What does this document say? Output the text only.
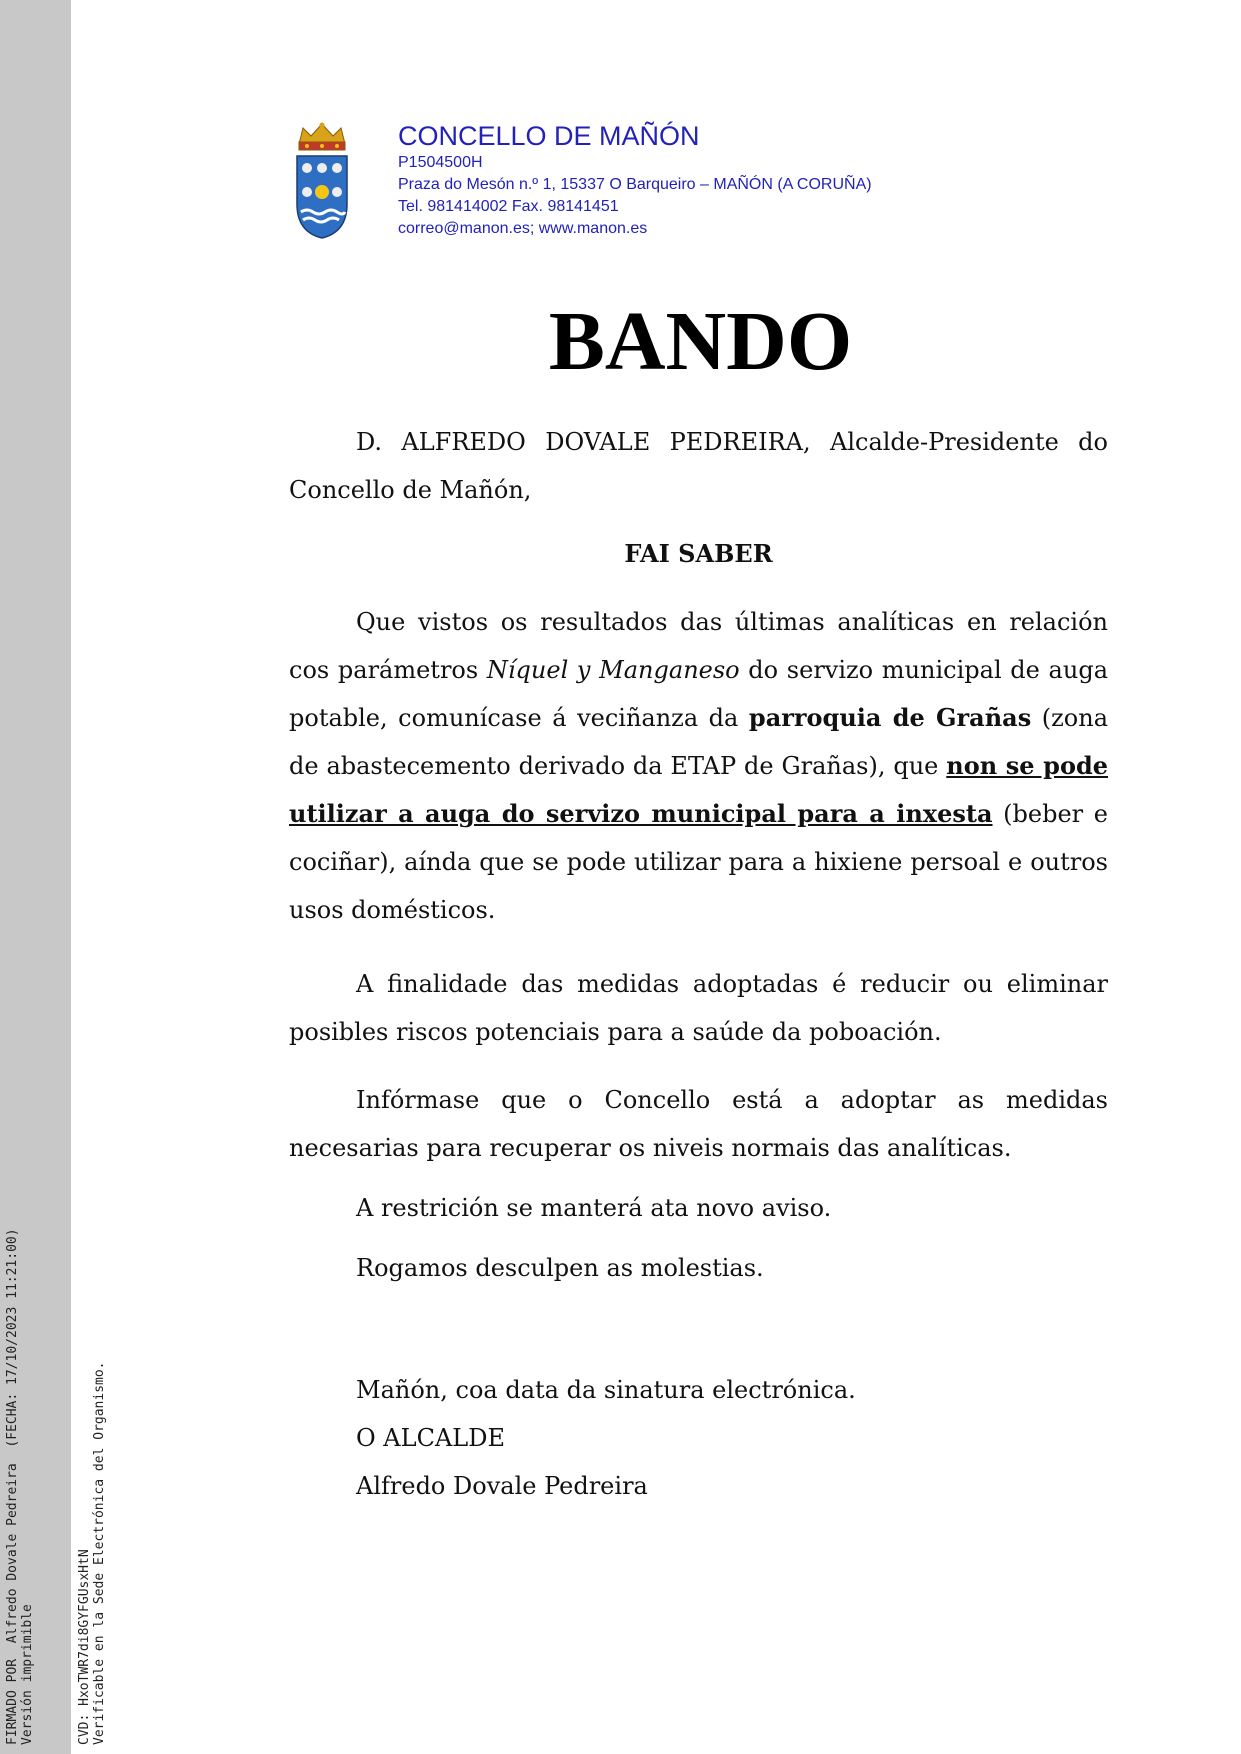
FIRMADO POR  Alfredo Dovale Pedreira  (FECHA: 17/10/2023 11:21:00)
Versión imprimible	CVD: HxoTWR7di8GYFGUsxHtN
Verificable en la Sede Electrónica del Organismo.
CONCELLO DE MAÑÓN
P1504500H
Praza do Mesón n.º 1, 15337 O Barqueiro – MAÑÓN (A CORUÑA)
Tel. 981414002 Fax. 98141451
correo@manon.es; www.manon.es
BANDO

D. ALFREDO DOVALE PEDREIRA, Alcalde-Presidente do Concello de Mañón,

FAI SABER

Que vistos os resultados das últimas analíticas en relación cos parámetros Níquel y Manganeso do servizo municipal de auga potable, comunícase á veciñanza da parroquia de Grañas (zona de abastecemento derivado da ETAP de Grañas), que non se pode utilizar a auga do servizo municipal para a inxesta (beber e cociñar), aínda que se pode utilizar para a hixiene persoal e outros usos domésticos.

A finalidade das medidas adoptadas é reducir ou eliminar posibles riscos potenciais para a saúde da poboación.

Infórmase que o Concello está a adoptar as medidas necesarias para recuperar os niveis normais das analíticas.

A restrición se manterá ata novo aviso.

Rogamos desculpen as molestias.

Mañón, coa data da sinatura electrónica.

O ALCALDE

Alfredo Dovale Pedreira
